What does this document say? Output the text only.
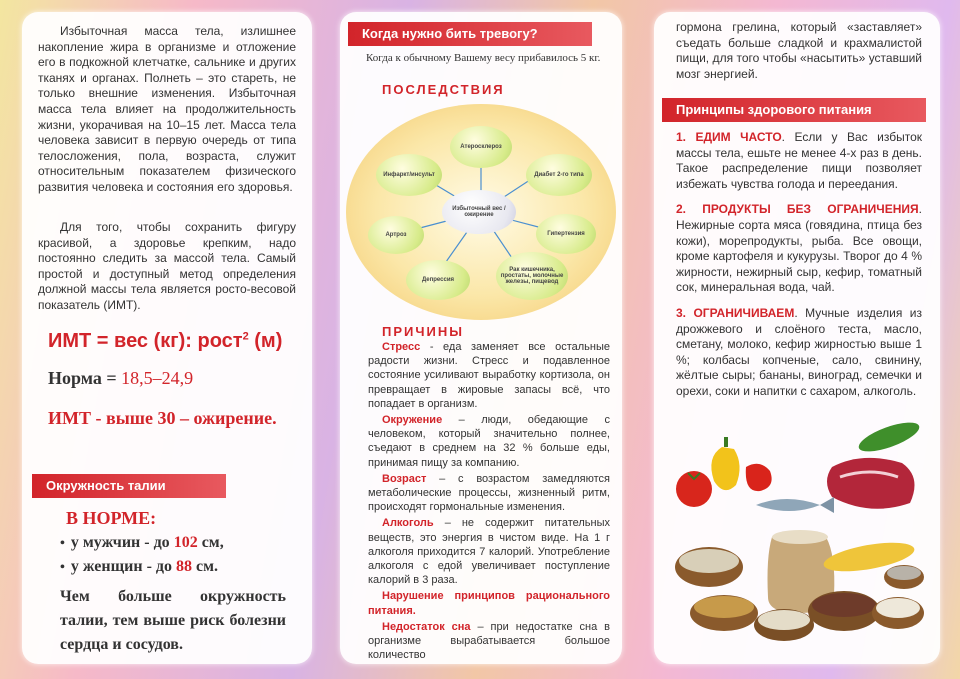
Избыточная масса тела, излишнее накопление жира в организме и отложение его в подкожной клетчатке, сальнике и других тканях и органах. Полнеть – это стареть, не только внешние изменения. Избыточная масса тела влияет на продолжительность жизни, укорачивая на 10–15 лет. Масса тела человека зависит в первую очередь от типа телосложения, пола, возраста, служит относительным показателем физического развития человека и состояния его здоровья.
Для того, чтобы сохранить фигуру красивой, а здоровье крепким, надо постоянно следить за массой тела. Самый простой и доступный метод определения должной массы тела является росто-весовой показатель (ИМТ).
ИМТ = вес (кг): рост$^2$ (м)
Норма = 18,5–24,9
ИМТ - выше 30 – ожирение.
Окружность талии
В НОРМЕ:
• у мужчин - до 102 см,
• у женщин - до 88 см.
Чем больше окружность талии, тем выше риск болезни сердца и сосудов.
Когда нужно бить тревогу?
Когда к обычному Вашему весу прибавилось 5 кг.
ПОСЛЕДСТВИЯ
Избыточный вес / ожирение
Атеросклероз
Диабет 2-го типа
Гипертензия
Рак кишечника, простаты, молочные железы, пищевод
Депрессия
Артроз
Инфаркт/инсульт
ПРИЧИНЫ
Стресс - еда заменяет все остальные радости жизни. Стресс и подавленное состояние усиливают выработку кортизола, он превращает в жировые запасы всё, что попадает в организм.
Окружение – люди, обедающие с человеком, который значительно полнее, съедают в среднем на 32 % больше еды, принимая пищу за компанию.
Возраст – с возрастом замедляются метаболические процессы, жизненный ритм, происходят гормональные изменения.
Алкоголь – не содержит питательных веществ, это энергия в чистом виде. На 1 г алкоголя приходится 7 калорий. Употребление алкоголя с едой увеличивает поступление калорий в 3 раза.
Нарушение принципов рационального питания.
Недостаток сна – при недостатке сна в организме вырабатывается большое количество
гормона грелина, который «заставляет» съедать больше сладкой и крахмалистой пищи, для того чтобы «насытить» уставший мозг энергией.
Принципы здорового питания
1. ЕДИМ ЧАСТО. Если у Вас избыток массы тела, ешьте не менее 4-х раз в день. Такое распределение пищи позволяет избежать чувства голода и переедания.
2. ПРОДУКТЫ БЕЗ ОГРАНИЧЕНИЯ. Нежирные сорта мяса (говядина, птица без кожи), морепродукты, рыба. Все овощи, кроме картофеля и кукурузы. Творог до 4 % жирности, нежирный сыр, кефир, томатный сок, минеральная вода, чай.
3. ОГРАНИЧИВАЕМ. Мучные изделия из дрожжевого и слоёного теста, масло, сметану, молоко, кефир жирностью выше 1 %; колбасы копченые, сало, свинину, жёлтые сыры; бананы, виноград, семечки и орехи, соки и напитки с сахаром, алкоголь.
